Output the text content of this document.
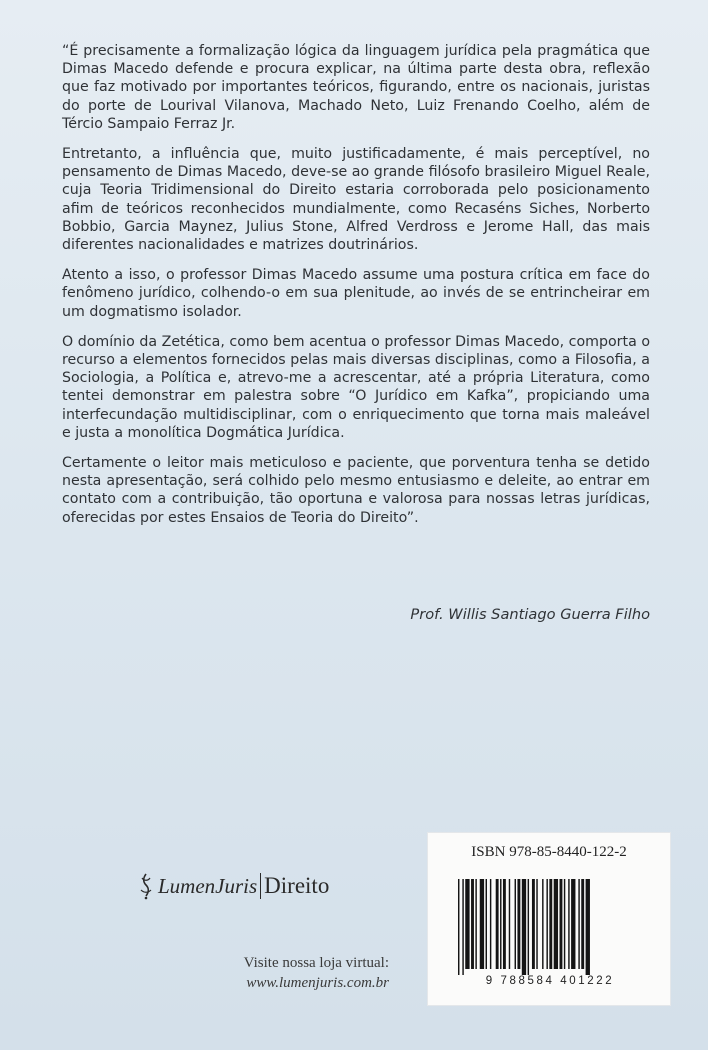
“É precisamente a formalização lógica da linguagem jurídica pela pragmática que Dimas Macedo defende e procura explicar, na última parte desta obra, reflexão que faz motivado por importantes teóricos, figurando, entre os nacionais, juristas do porte de Lourival Vilanova, Machado Neto, Luiz Frenando Coelho, além de Tércio Sampaio Ferraz Jr.

Entretanto, a influência que, muito justificadamente, é mais perceptível, no pensamento de Dimas Macedo, deve-se ao grande filósofo brasileiro Miguel Reale, cuja Teoria Tridimensional do Direito estaria corroborada pelo posicionamento afim de teóricos reconhecidos mundialmente, como Recaséns Siches, Norberto Bobbio, Garcia Maynez, Julius Stone, Alfred Verdross e Jerome Hall, das mais diferentes nacionalidades e matrizes doutrinários.

Atento a isso, o professor Dimas Macedo assume uma postura crítica em face do fenômeno jurídico, colhendo-o em sua plenitude, ao invés de se entrincheirar em um dogmatismo isolador.

O domínio da Zetética, como bem acentua o professor Dimas Macedo, comporta o recurso a elementos fornecidos pelas mais diversas disciplinas, como a Filosofia, a Sociologia, a Política e, atrevo-me a acrescentar, até a própria Literatura, como tentei demonstrar em palestra sobre “O Jurídico em Kafka”, propiciando uma interfecundação multidisciplinar, com o enriquecimento que torna mais maleável e justa a monolítica Dogmática Jurídica.

Certamente o leitor mais meticuloso e paciente, que porventura tenha se detido nesta apresentação, será colhido pelo mesmo entusiasmo e deleite, ao entrar em contato com a contribuição, tão oportuna e valorosa para nossas letras jurídicas, oferecidas por estes Ensaios de Teoria do Direito”.

Prof. Willis Santiago Guerra Filho
LumenJuris Direito
Visite nossa loja virtual:
www.lumenjuris.com.br
ISBN 978-85-8440-122-2
9 788584 401222
